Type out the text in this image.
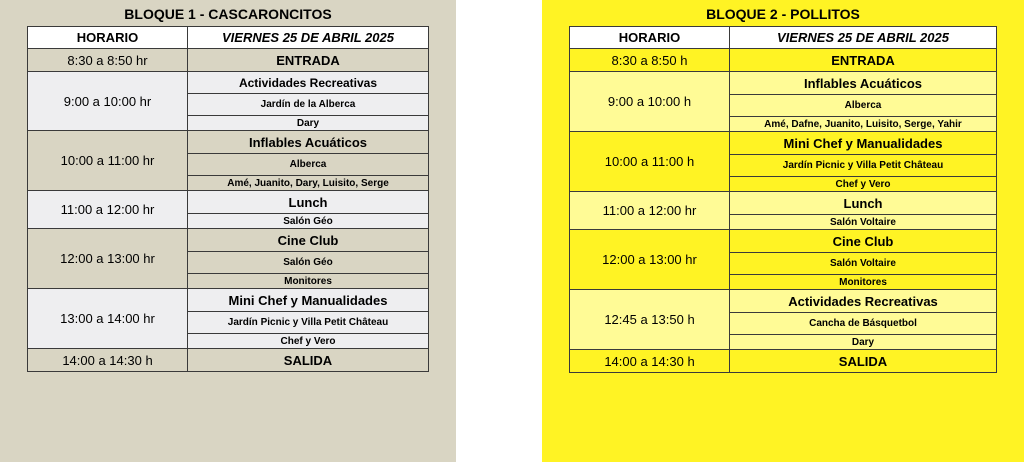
BLOQUE 1 - CASCARONCITOS
HORARIO	VIERNES 25 DE ABRIL 2025
8:30 a 8:50 hr	ENTRADA
9:00 a 10:00 hr	Actividades Recreativas
	Jardín de la Alberca
	Dary
10:00 a 11:00 hr	Inflables Acuáticos
	Alberca
	Amé, Juanito, Dary, Luisito, Serge
11:00 a 12:00 hr	Lunch
	Salón Géo
12:00 a 13:00 hr	Cine Club
	Salón Géo
	Monitores
13:00 a 14:00 hr	Mini Chef y Manualidades
	Jardín Picnic y Villa Petit Château
	Chef y Vero
14:00 a 14:30 h	SALIDA
BLOQUE 2 - POLLITOS
HORARIO	VIERNES 25 DE ABRIL 2025
8:30 a 8:50 h	ENTRADA
9:00 a 10:00 h	Inflables Acuáticos
	Alberca
	Amé, Dafne, Juanito, Luisito, Serge, Yahir
10:00 a 11:00 h	Mini Chef y Manualidades
	Jardín Picnic y Villa Petit Château
	Chef y Vero
11:00 a 12:00 hr	Lunch
	Salón Voltaire
12:00 a 13:00 hr	Cine Club
	Salón Voltaire
	Monitores
12:45 a 13:50 h	Actividades Recreativas
	Cancha de Básquetbol
	Dary
14:00 a 14:30 h	SALIDA
